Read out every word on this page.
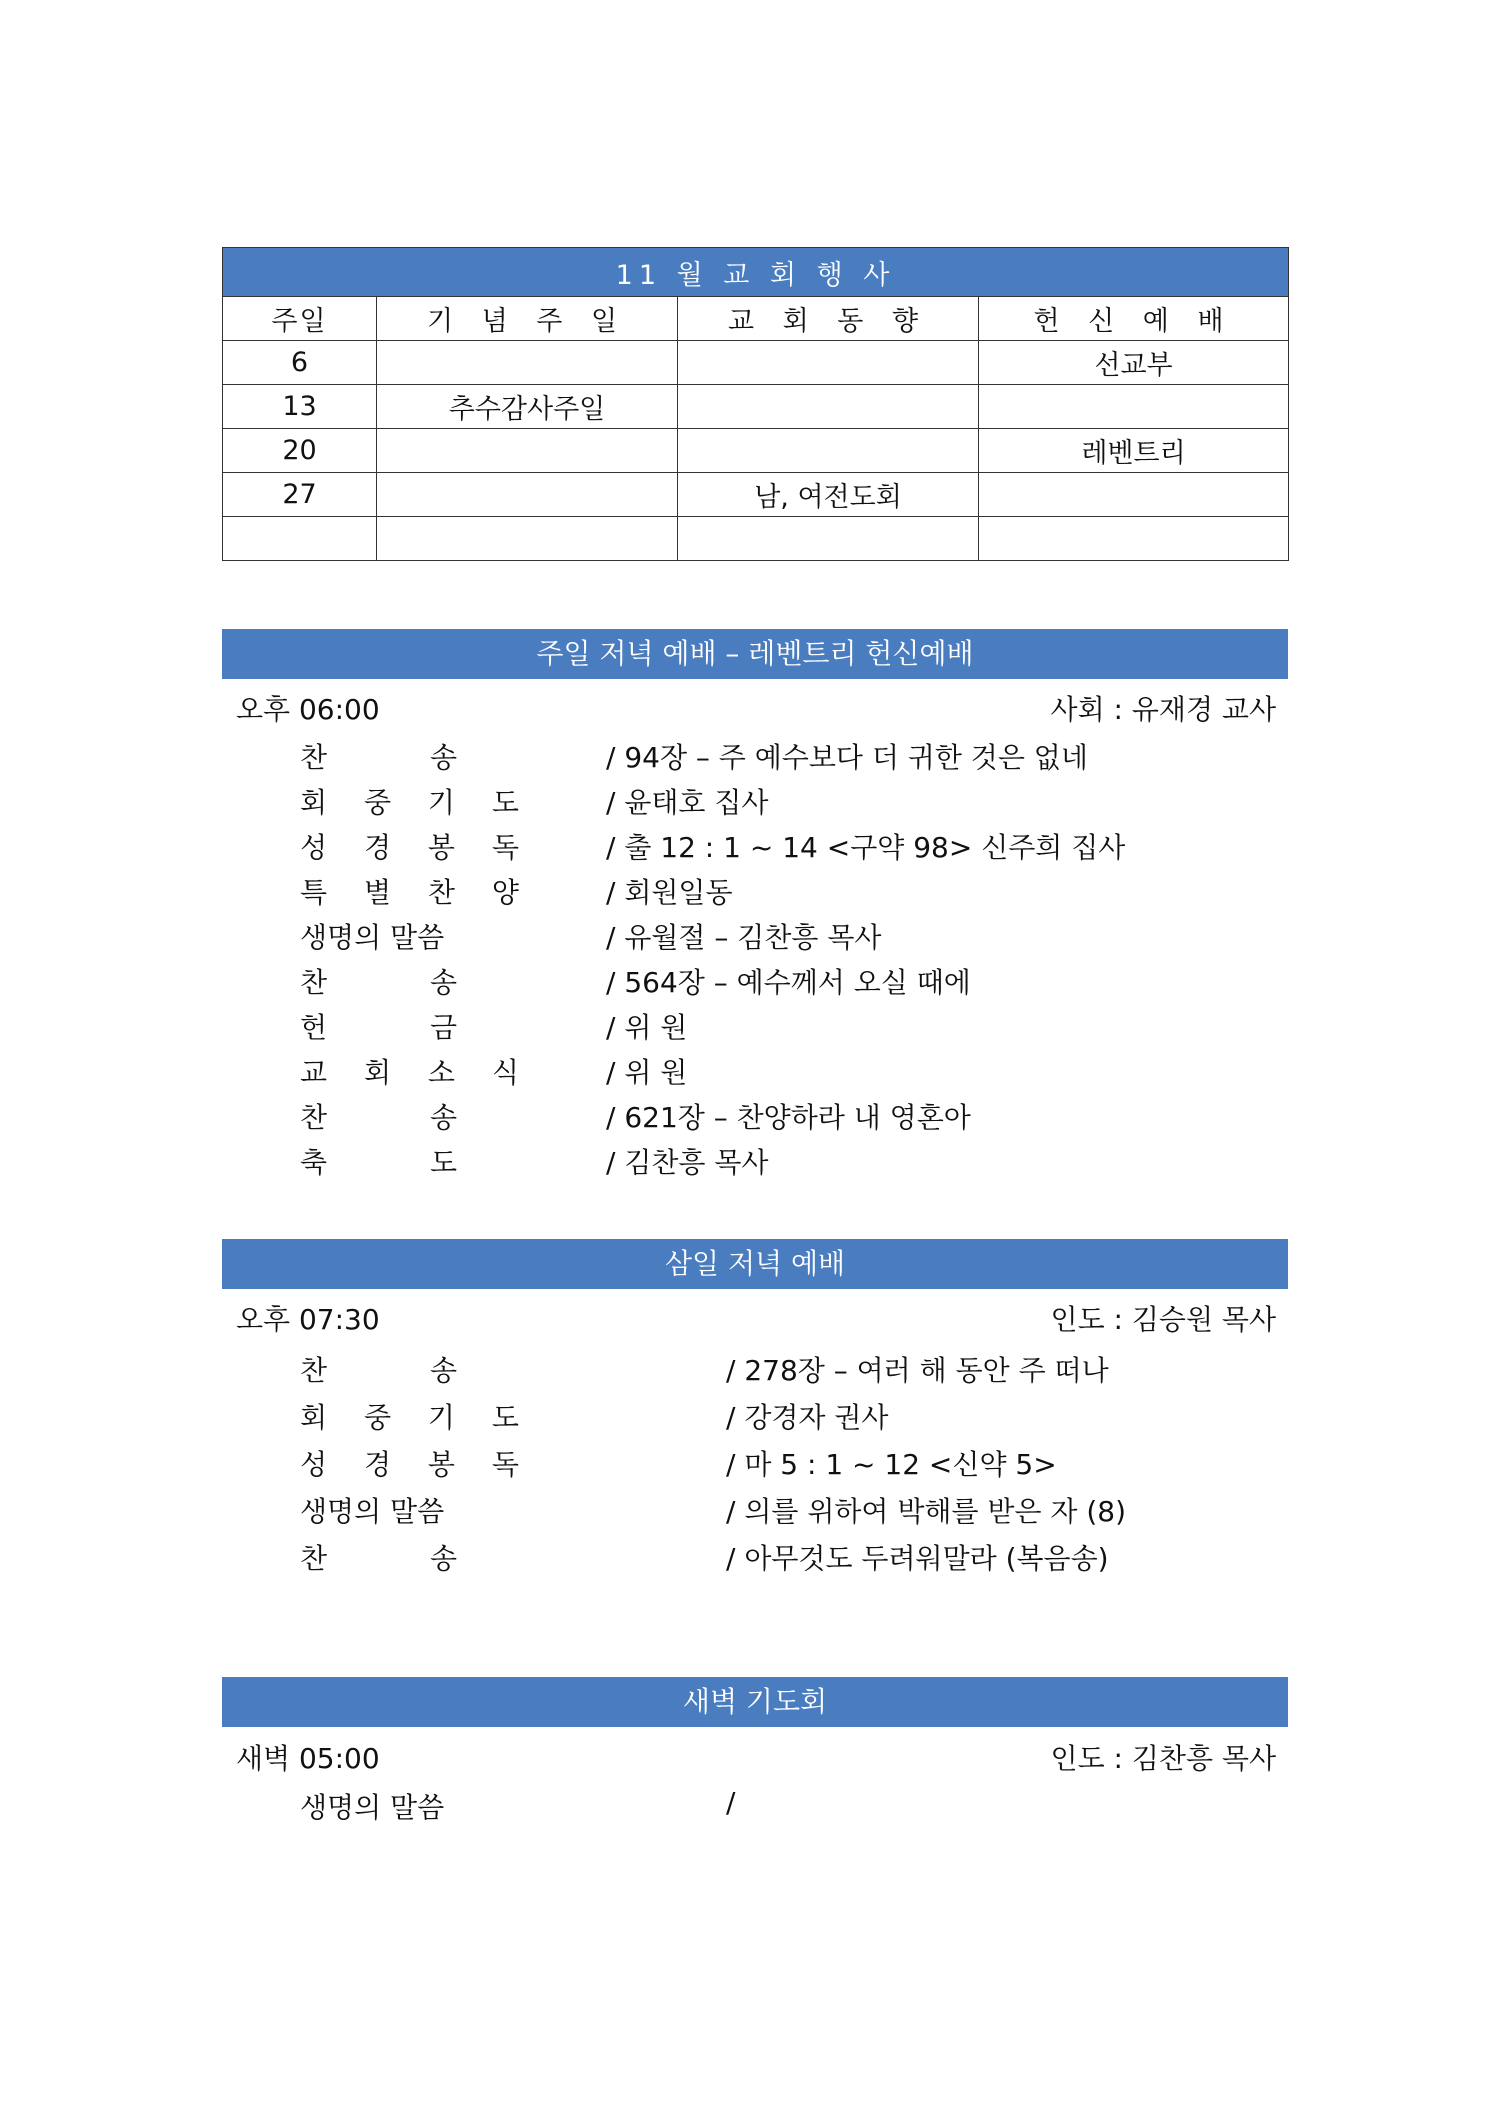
11 월 교 회 행 사			
주일	기 념 주 일	교 회 동 향	헌 신 예 배
6			선교부
13	추수감사주일		
20			레벤트리
27		남, 여전도회	

주일 저녁 예배 – 레벤트리 헌신예배
오후 06:00	사회 : 유재경 교사
찬	송	/ 94장 – 주 예수보다 더 귀한 것은 없네
회 중 기 도	/ 윤태호 집사
성 경 봉 독	/ 출 12 : 1 ~ 14 <구약 98> 신주희 집사
특 별 찬 양	/ 회원일동
생명의 말씀	/ 유월절 – 김찬흥 목사
찬	송	/ 564장 – 예수께서 오실 때에
헌	금	/ 위 원
교 회 소 식	/ 위 원
찬	송	/ 621장 – 찬양하라 내 영혼아
축	도	/ 김찬흥 목사
삼일 저녁 예배
오후 07:30	인도 : 김승원 목사
찬	송	/ 278장 – 여러 해 동안 주 떠나
회 중 기 도	/ 강경자 권사
성 경 봉 독	/ 마 5 : 1 ~ 12 <신약 5>
생명의 말씀	/ 의를 위하여 박해를 받은 자 (8)
찬	송	/ 아무것도 두려워말라 (복음송)
새벽 기도회
새벽 05:00	인도 : 김찬흥 목사
생명의 말씀	/
